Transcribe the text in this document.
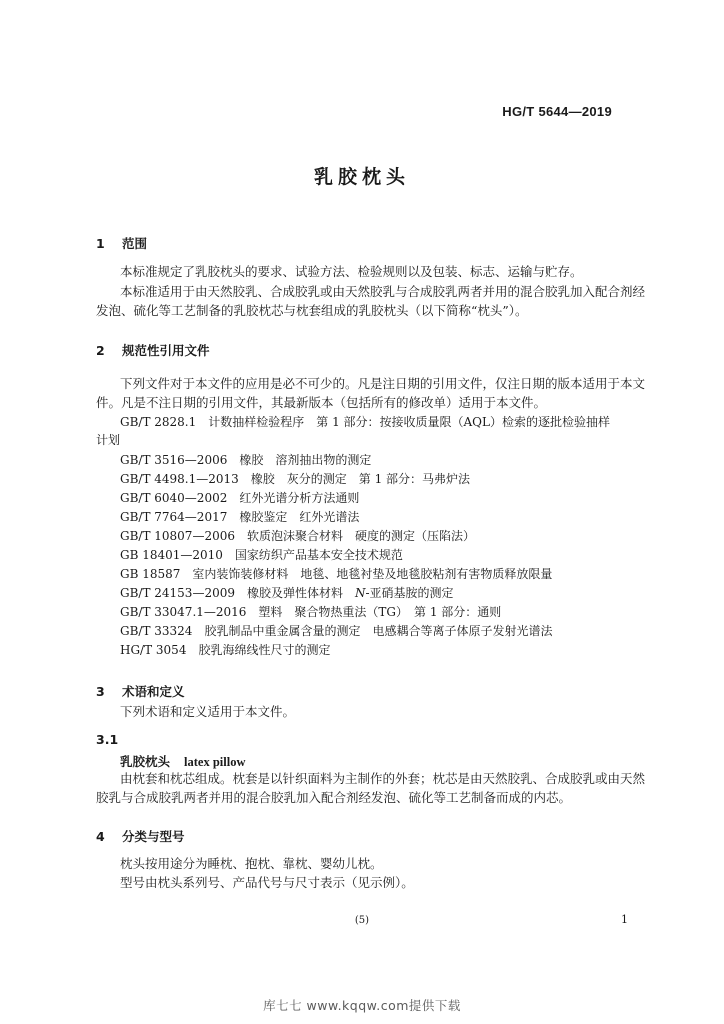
HG/T 5644—2019
乳胶枕头
1 范围
本标准规定了乳胶枕头的要求、试验方法、检验规则以及包装、标志、运输与贮存。
本标准适用于由天然胶乳、合成胶乳或由天然胶乳与合成胶乳两者并用的混合胶乳加入配合剂经
发泡、硫化等工艺制备的乳胶枕芯与枕套组成的乳胶枕头（以下简称“枕头”）。
2 规范性引用文件
下列文件对于本文件的应用是必不可少的。凡是注日期的引用文件，仅注日期的版本适用于本文
件。凡是不注日期的引用文件，其最新版本（包括所有的修改单）适用于本文件。
GB/T 2828.1　计数抽样检验程序　第 1 部分：按接收质量限（AQL）检索的逐批检验抽样
计划
GB/T 3516—2006　橡胶　溶剂抽出物的测定
GB/T 4498.1—2013　橡胶　灰分的测定　第 1 部分：马弗炉法
GB/T 6040—2002　红外光谱分析方法通则
GB/T 7764—2017　橡胶鉴定　红外光谱法
GB/T 10807—2006　软质泡沫聚合材料　硬度的测定（压陷法）
GB 18401—2010　国家纺织产品基本安全技术规范
GB 18587　室内装饰装修材料　地毯、地毯衬垫及地毯胶粘剂有害物质释放限量
GB/T 24153—2009　橡胶及弹性体材料　N-亚硝基胺的测定
GB/T 33047.1—2016　塑料　聚合物热重法（TG）　第 1 部分：通则
GB/T 33324　胶乳制品中重金属含量的测定　电感耦合等离子体原子发射光谱法
HG/T 3054　胶乳海绵线性尺寸的测定
3 术语和定义
下列术语和定义适用于本文件。
3.1
乳胶枕头 latex pillow
由枕套和枕芯组成。枕套是以针织面料为主制作的外套；枕芯是由天然胶乳、合成胶乳或由天然
胶乳与合成胶乳两者并用的混合胶乳加入配合剂经发泡、硫化等工艺制备而成的内芯。
4 分类与型号
枕头按用途分为睡枕、抱枕、靠枕、婴幼儿枕。
型号由枕头系列号、产品代号与尺寸表示（见示例）。
(5)	1
库七七 www.kqqw.com提供下载
